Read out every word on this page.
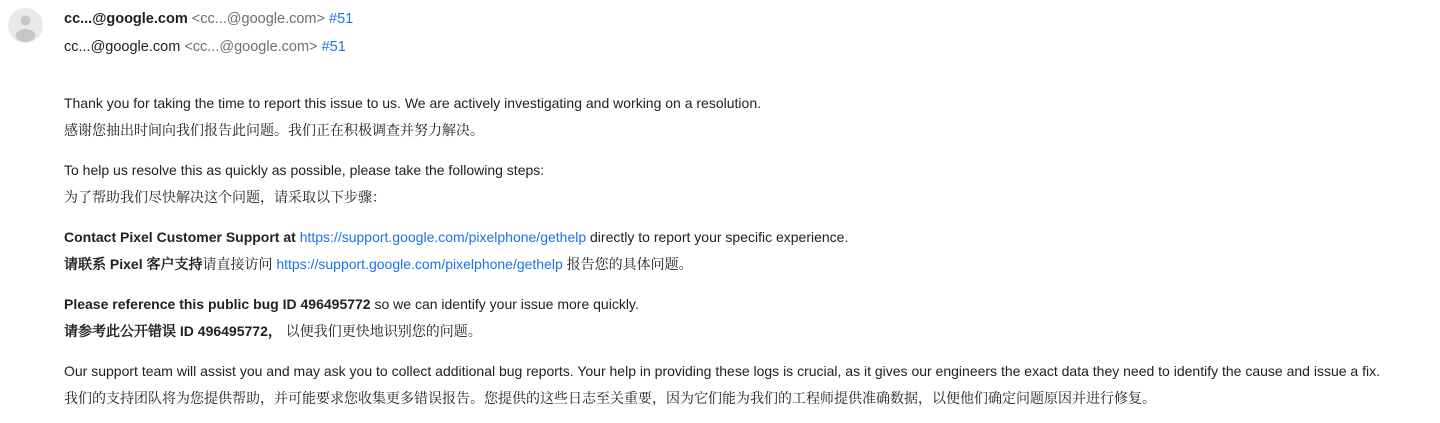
cc...@google.com <cc...@google.com> #51
cc...@google.com <cc...@google.com> #51
Thank you for taking the time to report this issue to us. We are actively investigating and working on a resolution.
感谢您抽出时间向我们报告此问题。我们正在积极调查并努力解决。
To help us resolve this as quickly as possible, please take the following steps:
为了帮助我们尽快解决这个问题，请采取以下步骤：
Contact Pixel Customer Support at https://support.google.com/pixelphone/gethelp directly to report your specific experience.
请联系 Pixel 客户支持请直接访问 https://support.google.com/pixelphone/gethelp 报告您的具体问题。
Please reference this public bug ID 496495772 so we can identify your issue more quickly.
请参考此公开错误 ID 496495772， 以便我们更快地识别您的问题。
Our support team will assist you and may ask you to collect additional bug reports. Your help in providing these logs is crucial, as it gives our engineers the exact data they need to identify the cause and issue a fix.
我们的支持团队将为您提供帮助，并可能要求您收集更多错误报告。您提供的这些日志至关重要，因为它们能为我们的工程师提供准确数据，以便他们确定问题原因并进行修复。
